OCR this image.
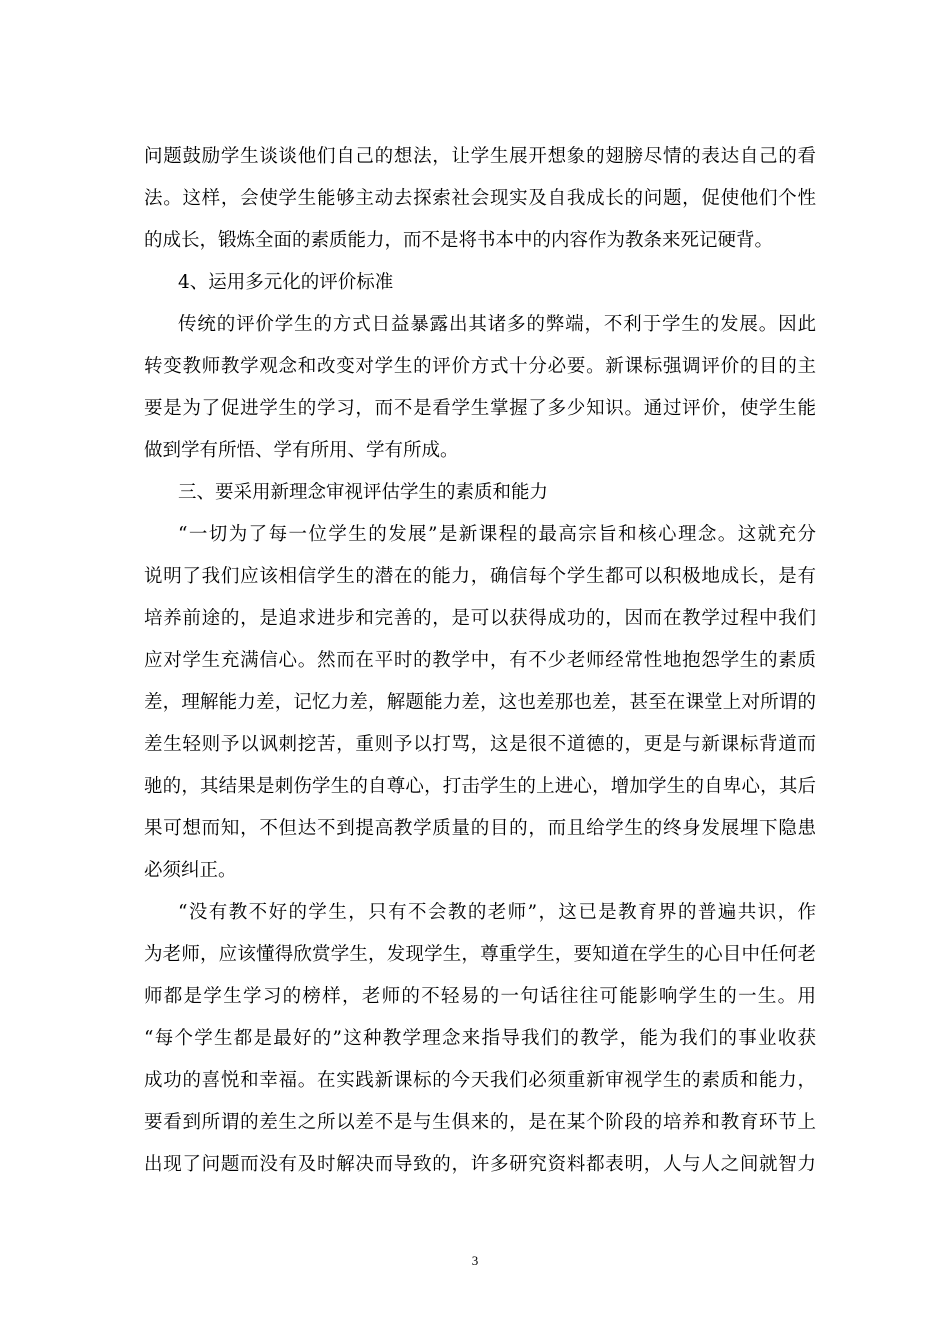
问题鼓励学生谈谈他们自己的想法，让学生展开想象的翅膀尽情的表达自己的看
法。这样，会使学生能够主动去探索社会现实及自我成长的问题，促使他们个性
的成长，锻炼全面的素质能力，而不是将书本中的内容作为教条来死记硬背。
4、运用多元化的评价标准
传统的评价学生的方式日益暴露出其诸多的弊端，不利于学生的发展。因此
转变教师教学观念和改变对学生的评价方式十分必要。新课标强调评价的目的主
要是为了促进学生的学习，而不是看学生掌握了多少知识。通过评价，使学生能
做到学有所悟、学有所用、学有所成。
三、要采用新理念审视评估学生的素质和能力
“一切为了每一位学生的发展”是新课程的最高宗旨和核心理念。这就充分
说明了我们应该相信学生的潜在的能力，确信每个学生都可以积极地成长，是有
培养前途的，是追求进步和完善的，是可以获得成功的，因而在教学过程中我们
应对学生充满信心。然而在平时的教学中，有不少老师经常性地抱怨学生的素质
差，理解能力差，记忆力差，解题能力差，这也差那也差，甚至在课堂上对所谓的
差生轻则予以讽刺挖苦，重则予以打骂，这是很不道德的，更是与新课标背道而
驰的，其结果是刺伤学生的自尊心，打击学生的上进心，增加学生的自卑心，其后
果可想而知，不但达不到提高教学质量的目的，而且给学生的终身发展埋下隐患
必须纠正。
“没有教不好的学生，只有不会教的老师”，这已是教育界的普遍共识，作
为老师，应该懂得欣赏学生，发现学生，尊重学生，要知道在学生的心目中任何老
师都是学生学习的榜样，老师的不轻易的一句话往往可能影响学生的一生。用
“每个学生都是最好的”这种教学理念来指导我们的教学，能为我们的事业收获
成功的喜悦和幸福。在实践新课标的今天我们必须重新审视学生的素质和能力，
要看到所谓的差生之所以差不是与生俱来的，是在某个阶段的培养和教育环节上
出现了问题而没有及时解决而导致的，许多研究资料都表明，人与人之间就智力
3
